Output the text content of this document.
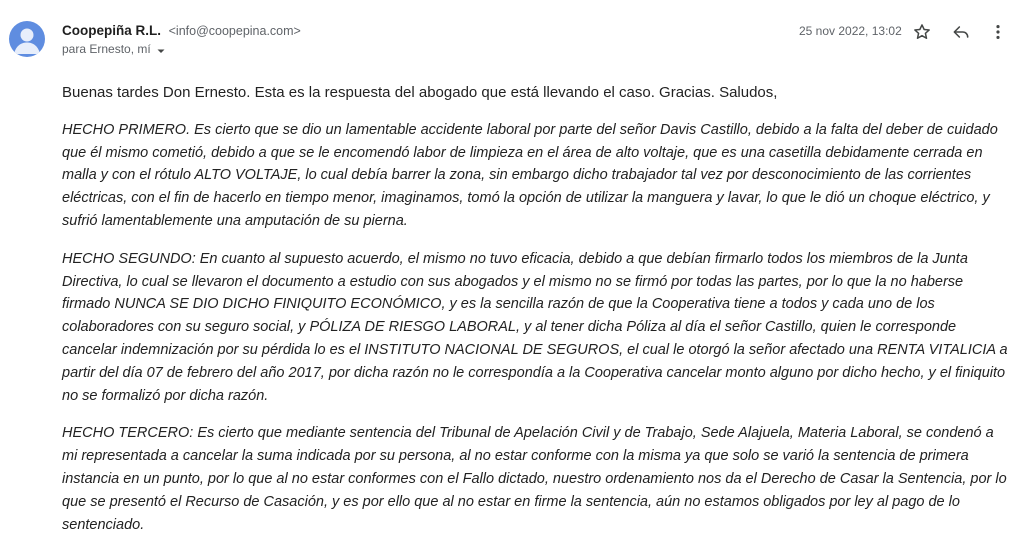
Coopepiña R.L. <info@coopepina.com>
para Ernesto, mí
25 nov 2022, 13:02

Buenas tardes Don Ernesto. Esta es la respuesta del abogado que está llevando el caso. Gracias. Saludos,

HECHO PRIMERO. Es cierto que se dio un lamentable accidente laboral por parte del señor Davis Castillo, debido a la falta del deber de cuidado que él mismo cometió, debido a que se le encomendó labor de limpieza en el área de alto voltaje, que es una casetilla debidamente cerrada en malla y con el rótulo ALTO VOLTAJE, lo cual debía barrer la zona, sin embargo dicho trabajador tal vez por desconocimiento de las corrientes eléctricas, con el fin de hacerlo en tiempo menor, imaginamos, tomó la opción de utilizar la manguera y lavar, lo que le dió un choque eléctrico, y sufrió lamentablemente una amputación de su pierna.

HECHO SEGUNDO: En cuanto al supuesto acuerdo, el mismo no tuvo eficacia, debido a que debían firmarlo todos los miembros de la Junta Directiva, lo cual se llevaron el documento a estudio con sus abogados y el mismo no se firmó por todas las partes, por lo que la no haberse firmado NUNCA SE DIO DICHO FINIQUITO ECONÓMICO, y es la sencilla razón de que la Cooperativa tiene a todos y cada uno de los colaboradores con su seguro social, y PÓLIZA DE RIESGO LABORAL, y al tener dicha Póliza al día el señor Castillo, quien le corresponde cancelar indemnización por su pérdida lo es el INSTITUTO NACIONAL DE SEGUROS, el cual le otorgó la señor afectado una RENTA VITALICIA a partir del día 07 de febrero del año 2017, por dicha razón no le correspondía a la Cooperativa cancelar monto alguno por dicho hecho, y el finiquito no se formalizó por dicha razón.

HECHO TERCERO: Es cierto que mediante sentencia del Tribunal de Apelación Civil y de Trabajo, Sede Alajuela, Materia Laboral, se condenó a mi representada a cancelar la suma indicada por su persona, al no estar conforme con la misma ya que solo se varió la sentencia de primera instancia en un punto, por lo que al no estar conformes con el Fallo dictado, nuestro ordenamiento nos da el Derecho de Casar la Sentencia, por lo que se presentó el Recurso de Casación, y es por ello que al no estar en firme la sentencia, aún no estamos obligados por ley al pago de lo sentenciado.
